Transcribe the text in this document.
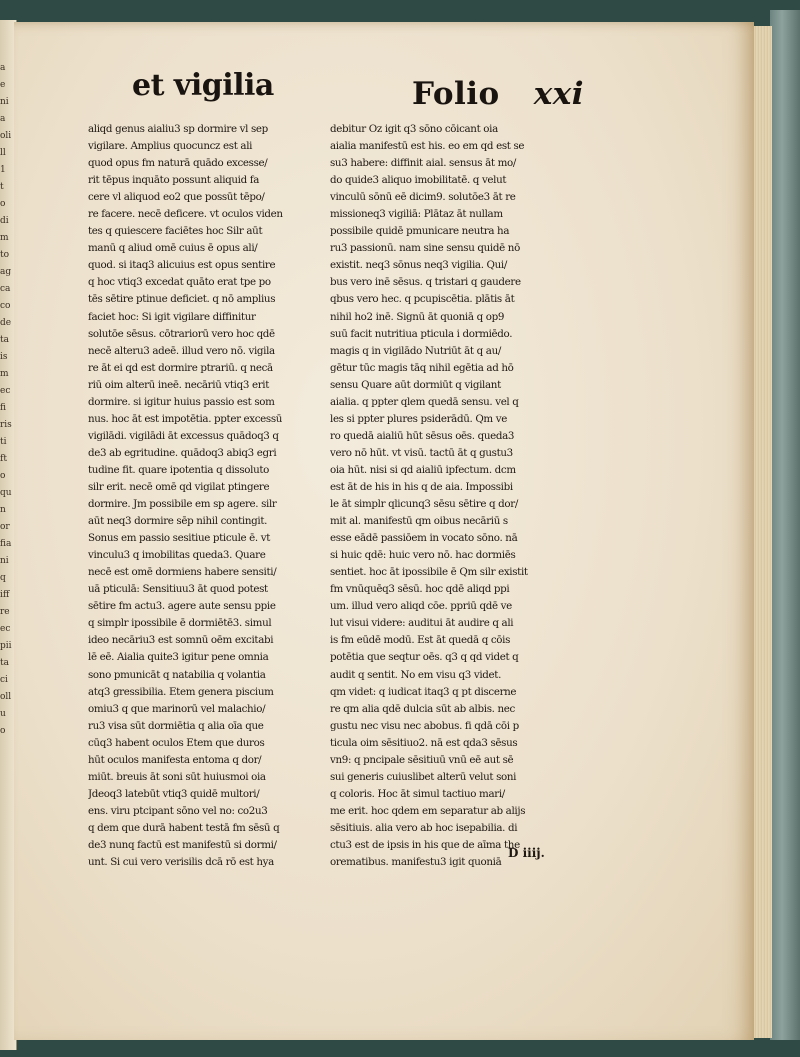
a
e
ni
a
oli
ll
1
t
o
di
m
to
ag
ca
co
de
ta
is
m
ec
fi
ris
ti
ft
o
qu
n
or
fia
ni
q
iff
re
ec
pii
ta
ci
oll
u
o
et vigilia	Folio xxi
aliqd genus aialiu3 sp dormire vl sep
vigilare. Amplius quocuncz est ali
quod opus fm naturā quādo excesse/
rit tēpus inquāto possunt aliquid fa
cere vl aliquod eo2 que possūt tēpo/
re facere. necē deficere. vt oculos viden
tes q quiescere faciētes hoc Silr aūt
manū q aliud omē cuius ē opus ali/
quod. si itaq3 alicuius est opus sentire
q hoc vtiq3 excedat quāto erat tpe po
tēs sētire ptinue deficiet. q nō amplius
faciet hoc: Si igit vigilare diffinitur
solutōe sēsus. cōtrariorū vero hoc qdē
necē alteru3 adeē. illud vero nō. vigila
re āt ei qd est dormire ptrariū. q necā
riū oim alterū ineē. necāriū vtiq3 erit
dormire. si igitur huius passio est som
nus. hoc āt est impotētia. ppter excessū
vigilādi. vigilādi āt excessus quādoq3 q
de3 ab egritudine. quādoq3 abiq3 egri
tudine fit. quare ipotentia q dissoluto
silr erit. necē omē qd vigilat ptingere
dormire. Jm possibile em sp agere. silr
aūt neq3 dormire sēp nihil contingit.
Sonus em passio sesitiue pticule ē. vt
vinculu3 q imobilitas queda3. Quare
necē est omē dormiens habere sensiti/
uā pticulā: Sensitiuu3 āt quod potest
sētire fm actu3. agere aute sensu ppie
q simplr ipossibile ē dormiētē3. simul
ideo necāriu3 est somnū oēm excitabi
lē eē. Aialia quite3 igitur pene omnia
sono pmunicāt q natabilia q volantia
atq3 gressibilia. Etem genera piscium
omiu3 q que marinorū vel malachio/
ru3 visa sūt dormiētia q alia oīa que
cūq3 habent oculos Etem que duros
hūt oculos manifesta entoma q dor/
miūt. breuis āt soni sūt huiusmoi oia
Jdeoq3 latebūt vtiq3 quidē multori/
ens. viru ptcipant sōno vel no: co2u3
q dem que durā habent testā fm sēsū q
de3 nunq factū est manifestū si dormi/
unt. Si cui vero verisilis dcā rō est hya
debitur Oz igit q3 sōno cōicant oia
aialia manifestū est his. eo em qd est se
su3 habere: diffinit aial. sensus āt mo/
do quide3 aliquo imobilitatē. q velut
vinculū sōnū eē dicim9. solutōe3 āt re
missioneq3 vigiliā: Plātaz āt nullam
possibile quidē pmunicare neutra ha
ru3 passionū. nam sine sensu quidē nō
existit. neq3 sōnus neq3 vigilia. Qui/
bus vero inē sēsus. q tristari q gaudere
qbus vero hec. q pcupiscētia. plātis āt
nihil ho2 inē. Signū āt quoniā q op9
suū facit nutritiua pticula i dormiēdo.
magis q in vigilādo Nutriūt āt q au/
gētur tūc magis tāq nihil egētia ad hō
sensu Quare aūt dormiūt q vigilant
aialia. q ppter qlem quedā sensu. vel q
les si ppter plures psiderādū. Qm ve
ro quedā aialiū hūt sēsus oēs. queda3
vero nō hūt. vt visū. tactū āt q gustu3
oia hūt. nisi si qd aialiū ipfectum. dcm
est āt de his in his q de aia. Impossibi
le āt simplr qlicunq3 sēsu sētire q dor/
mit al. manifestū qm oibus necāriū s
esse eādē passiōem in vocato sōno. nā
si huic qdē: huic vero nō. hac dormiēs
sentiet. hoc āt ipossibile ē Qm silr existit
fm vnūquēq3 sēsū. hoc qdē aliqd ppi
um. illud vero aliqd cōe. ppriū qdē ve
lut visui videre: auditui āt audire q ali
is fm eūdē modū. Est āt quedā q cōis
potētia que seqtur oēs. q3 q qd videt q
audit q sentit. No em visu q3 videt.
qm videt: q iudicat itaq3 q pt discerne
re qm alia qdē dulcia sūt ab albis. nec
gustu nec visu nec abobus. fi qdā cōi p
ticula oim sēsitiuo2. nā est qda3 sēsus
vn9: q pncipale sēsitiuū vnū eē aut sē
sui generis cuiuslibet alterū velut soni
q coloris. Hoc āt simul tactiuo mari/
me erit. hoc qdem em separatur ab alijs
sēsitiuis. alia vero ab hoc isepabilia. di
ctu3 est de ipsis in his que de aīma the
orematibus. manifestu3 igit quoniā
D iiij.
